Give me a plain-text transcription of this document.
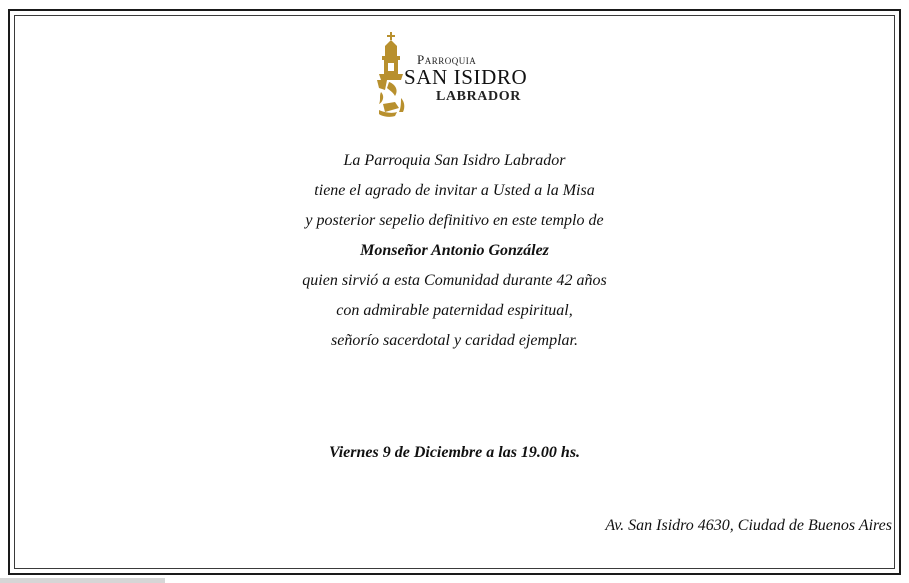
Parroquia
SAN ISIDRO
LABRADOR
La Parroquia San Isidro Labrador
tiene el agrado de invitar a Usted a la Misa
y posterior sepelio definitivo en este templo de
Monseñor Antonio González
quien sirvió a esta Comunidad durante 42 años
con admirable paternidad espiritual,
señorío sacerdotal y caridad ejemplar.
Viernes 9 de Diciembre a las 19.00 hs.
Av. San Isidro 4630, Ciudad de Buenos Aires
